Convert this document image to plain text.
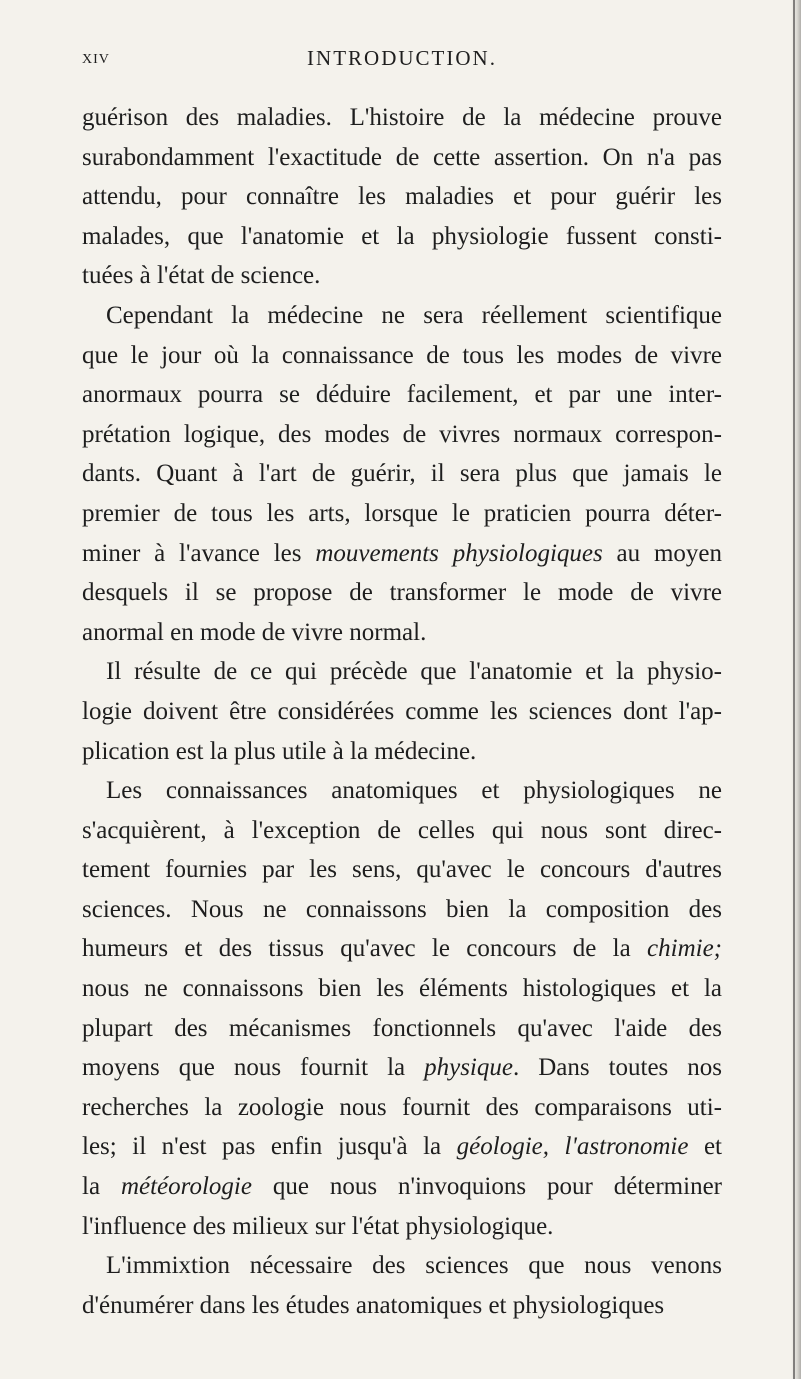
XIV	INTRODUCTION.
guérison des maladies. L'histoire de la médecine prouve
surabondamment l'exactitude de cette assertion. On n'a pas
attendu, pour connaître les maladies et pour guérir les
malades, que l'anatomie et la physiologie fussent consti-
tuées à l'état de science.
Cependant la médecine ne sera réellement scientifique
que le jour où la connaissance de tous les modes de vivre
anormaux pourra se déduire facilement, et par une inter-
prétation logique, des modes de vivres normaux correspon-
dants. Quant à l'art de guérir, il sera plus que jamais le
premier de tous les arts, lorsque le praticien pourra déter-
miner à l'avance les mouvements physiologiques au moyen
desquels il se propose de transformer le mode de vivre
anormal en mode de vivre normal.
Il résulte de ce qui précède que l'anatomie et la physio-
logie doivent être considérées comme les sciences dont l'ap-
plication est la plus utile à la médecine.
Les connaissances anatomiques et physiologiques ne
s'acquièrent, à l'exception de celles qui nous sont direc-
tement fournies par les sens, qu'avec le concours d'autres
sciences. Nous ne connaissons bien la composition des
humeurs et des tissus qu'avec le concours de la chimie;
nous ne connaissons bien les éléments histologiques et la
plupart des mécanismes fonctionnels qu'avec l'aide des
moyens que nous fournit la physique. Dans toutes nos
recherches la zoologie nous fournit des comparaisons uti-
les; il n'est pas enfin jusqu'à la géologie, l'astronomie et
la météorologie que nous n'invoquions pour déterminer
l'influence des milieux sur l'état physiologique.
L'immixtion nécessaire des sciences que nous venons
d'énumérer dans les études anatomiques et physiologiques
